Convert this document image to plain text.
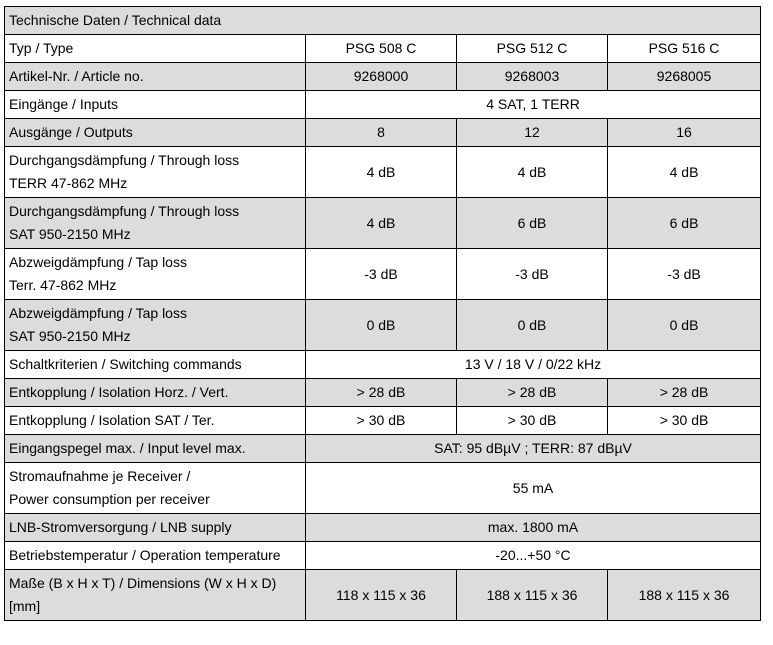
Technische Daten / Technical data			
Typ / Type	PSG 508 C	PSG 512 C	PSG 516 C
Artikel-Nr. / Article no.	9268000	9268003	9268005
Eingänge / Inputs	4 SAT, 1 TERR		
Ausgänge / Outputs	8	12	16
Durchgangsdämpfung / Through loss
TERR 47-862 MHz	4 dB	4 dB	4 dB
Durchgangsdämpfung / Through loss
SAT 950-2150 MHz	4 dB	6 dB	6 dB
Abzweigdämpfung / Tap loss
Terr. 47-862 MHz	-3 dB	-3 dB	-3 dB
Abzweigdämpfung / Tap loss
SAT 950-2150 MHz	0 dB	0 dB	0 dB
Schaltkriterien / Switching commands	13 V / 18 V / 0/22 kHz		
Entkopplung / Isolation Horz. / Vert.	> 28 dB	> 28 dB	> 28 dB
Entkopplung / Isolation SAT / Ter.	> 30 dB	> 30 dB	> 30 dB
Eingangspegel max. / Input level max.	SAT: 95 dBµV ; TERR: 87 dBµV		
Stromaufnahme je Receiver /
Power consumption per receiver	55 mA		
LNB-Stromversorgung / LNB supply	max. 1800 mA		
Betriebstemperatur / Operation temperature	-20...+50 °C		
Maße (B x H x T) / Dimensions (W x H x D)
[mm]	118 x 115 x 36	188 x 115 x 36	188 x 115 x 36
